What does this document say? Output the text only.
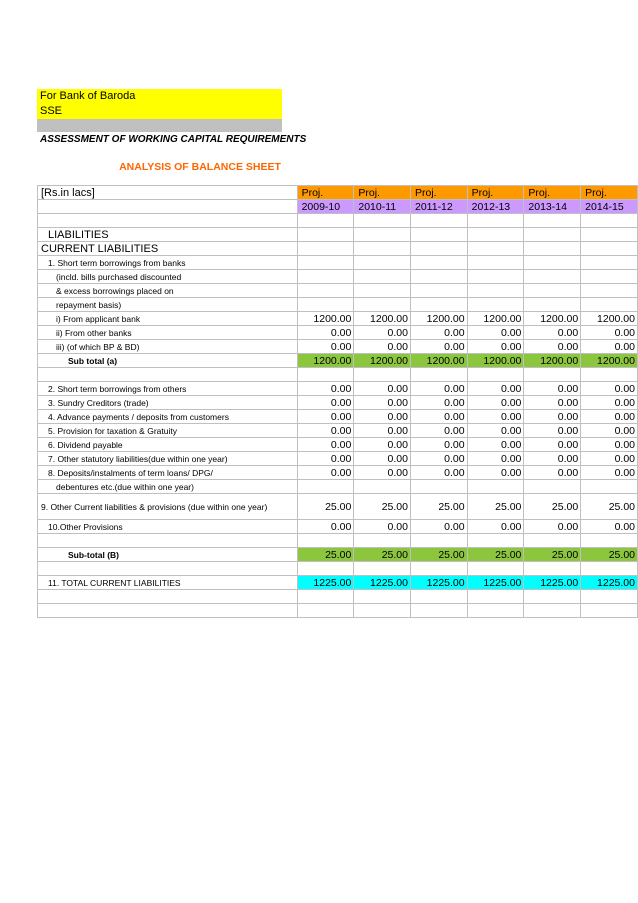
For Bank of Baroda
SSE
ASSESSMENT OF WORKING CAPITAL REQUIREMENTS
ANALYSIS OF BALANCE SHEET
[Rs.in lacs]	Proj.	Proj.	Proj.	Proj.	Proj.	Proj.
	2009-10	2010-11	2011-12	2012-13	2013-14	2014-15

LIABILITIES						
CURRENT LIABILITIES						
1. Short term borrowings from banks						
(incld. bills purchased discounted						
& excess borrowings placed on						
repayment basis)						
i) From applicant bank	1200.00	1200.00	1200.00	1200.00	1200.00	1200.00
ii) From other banks	0.00	0.00	0.00	0.00	0.00	0.00
iii) (of which BP & BD)	0.00	0.00	0.00	0.00	0.00	0.00
Sub total (a)	1200.00	1200.00	1200.00	1200.00	1200.00	1200.00

2. Short term borrowings from others	0.00	0.00	0.00	0.00	0.00	0.00
3. Sundry Creditors (trade)	0.00	0.00	0.00	0.00	0.00	0.00
4. Advance payments / deposits from customers	0.00	0.00	0.00	0.00	0.00	0.00
5. Provision for taxation & Gratuity	0.00	0.00	0.00	0.00	0.00	0.00
6. Dividend payable	0.00	0.00	0.00	0.00	0.00	0.00
7. Other statutory liabilities(due within one year)	0.00	0.00	0.00	0.00	0.00	0.00
8. Deposits/instalments of term loans/ DPG/	0.00	0.00	0.00	0.00	0.00	0.00
debentures etc.(due within one year)						
9. Other Current liabilities & provisions (due within one year)	25.00	25.00	25.00	25.00	25.00	25.00
10.Other Provisions	0.00	0.00	0.00	0.00	0.00	0.00

Sub-total (B)	25.00	25.00	25.00	25.00	25.00	25.00

11. TOTAL CURRENT LIABILITIES	1225.00	1225.00	1225.00	1225.00	1225.00	1225.00
